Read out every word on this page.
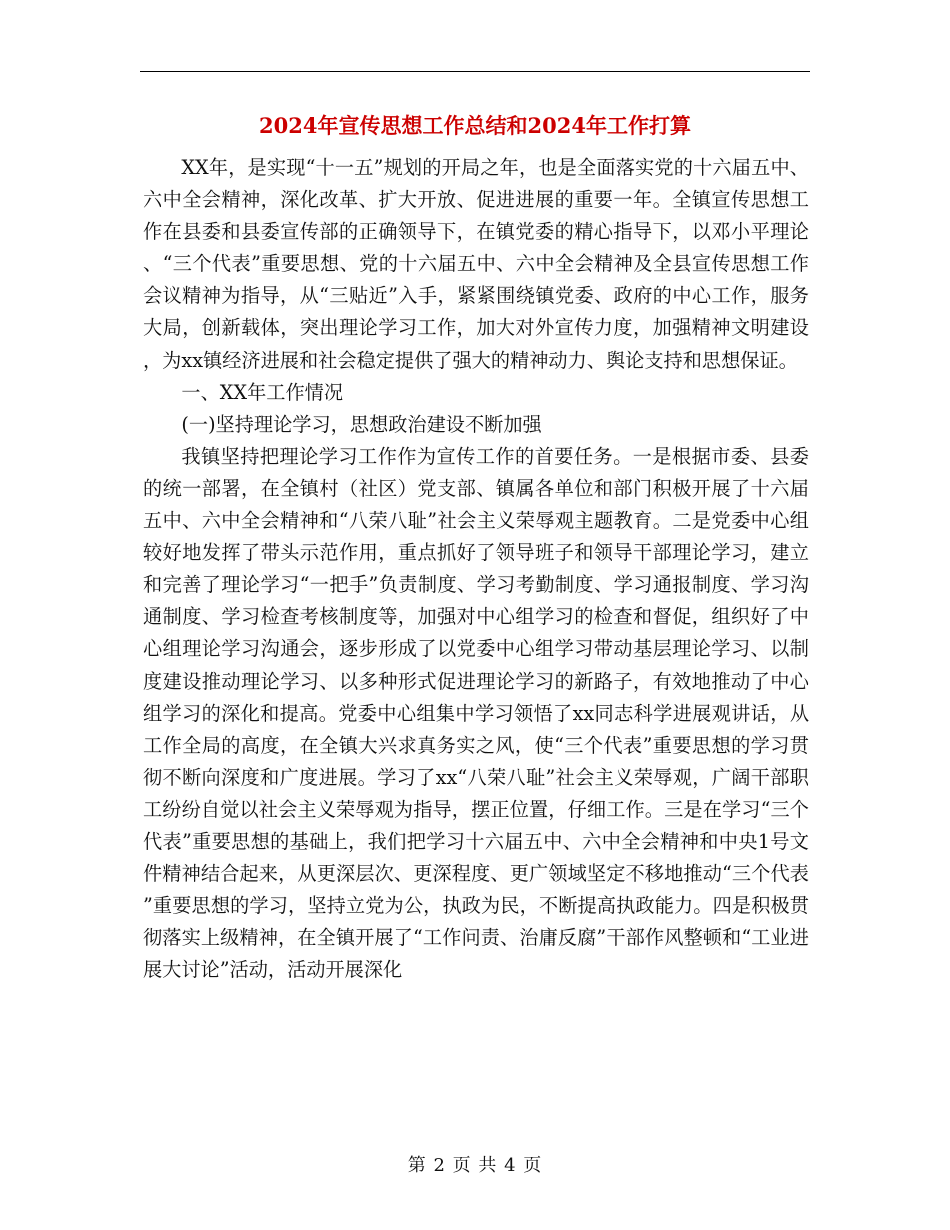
2024年宣传思想工作总结和2024年工作打算

XX年，是实现“十一五”规划的开局之年，也是全面落实党的十六届五中、六中全会精神，深化改革、扩大开放、促进进展的重要一年。全镇宣传思想工作在县委和县委宣传部的正确领导下，在镇党委的精心指导下，以邓小平理论、“三个代表”重要思想、党的十六届五中、六中全会精神及全县宣传思想工作会议精神为指导，从“三贴近”入手，紧紧围绕镇党委、政府的中心工作，服务大局，创新载体，突出理论学习工作，加大对外宣传力度，加强精神文明建设，为xx镇经济进展和社会稳定提供了强大的精神动力、舆论支持和思想保证。

一、XX年工作情况

(一)坚持理论学习，思想政治建设不断加强

我镇坚持把理论学习工作作为宣传工作的首要任务。一是根据市委、县委的统一部署，在全镇村（社区）党支部、镇属各单位和部门积极开展了十六届五中、六中全会精神和“八荣八耻”社会主义荣辱观主题教育。二是党委中心组较好地发挥了带头示范作用，重点抓好了领导班子和领导干部理论学习，建立和完善了理论学习“一把手”负责制度、学习考勤制度、学习通报制度、学习沟通制度、学习检查考核制度等，加强对中心组学习的检查和督促，组织好了中心组理论学习沟通会，逐步形成了以党委中心组学习带动基层理论学习、以制度建设推动理论学习、以多种形式促进理论学习的新路子，有效地推动了中心组学习的深化和提高。党委中心组集中学习领悟了xx同志科学进展观讲话，从工作全局的高度，在全镇大兴求真务实之风，使“三个代表”重要思想的学习贯彻不断向深度和广度进展。学习了xx“八荣八耻”社会主义荣辱观，广阔干部职工纷纷自觉以社会主义荣辱观为指导，摆正位置，仔细工作。三是在学习“三个代表”重要思想的基础上，我们把学习十六届五中、六中全会精神和中央1号文件精神结合起来，从更深层次、更深程度、更广领域坚定不移地推动“三个代表”重要思想的学习，坚持立党为公，执政为民，不断提高执政能力。四是积极贯彻落实上级精神，在全镇开展了“工作问责、治庸反腐”干部作风整顿和“工业进展大讨论”活动，活动开展深化

第 2 页 共 4 页
